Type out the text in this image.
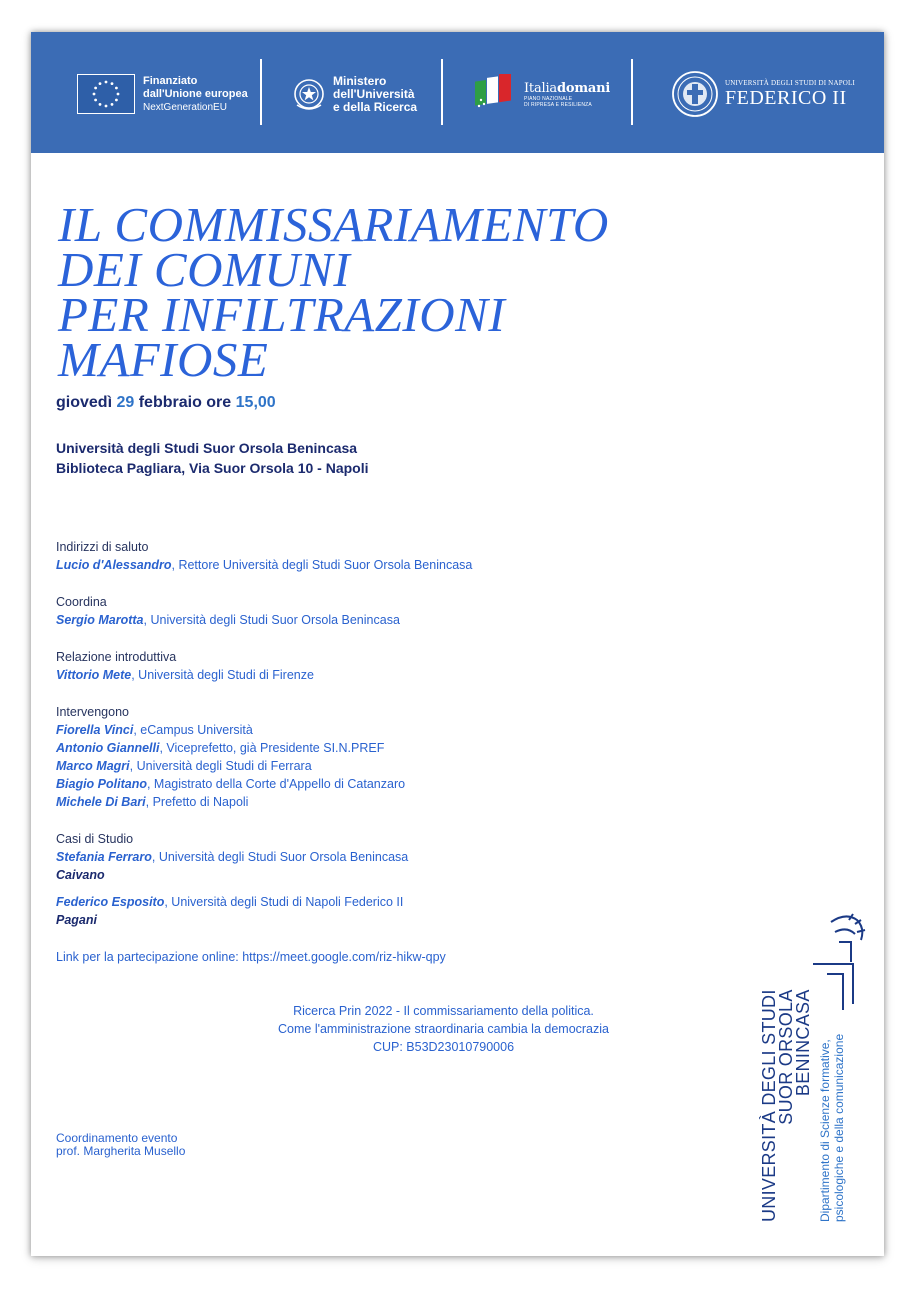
Finanziato
dall'Unione europea
NextGenerationEU
Ministero
dell'Università
e della Ricerca
Italiadomani
PIANO NAZIONALE
DI RIPRESA E RESILIENZA
UNIVERSITÀ DEGLI STUDI DI NAPOLI
FEDERICO II
IL COMMISSARIAMENTO
DEI COMUNI
PER INFILTRAZIONI
MAFIOSE
giovedì 29 febbraio ore 15,00
Università degli Studi Suor Orsola Benincasa
Biblioteca Pagliara, Via Suor Orsola 10 - Napoli
Indirizzi di saluto
Lucio d'Alessandro, Rettore Università degli Studi Suor Orsola Benincasa
Coordina
Sergio Marotta, Università degli Studi Suor Orsola Benincasa
Relazione introduttiva
Vittorio Mete, Università degli Studi di Firenze
Intervengono
Fiorella Vinci, eCampus Università
Antonio Giannelli, Viceprefetto, già Presidente SI.N.PREF
Marco Magri, Università degli Studi di Ferrara
Biagio Politano, Magistrato della Corte d'Appello di Catanzaro
Michele Di Bari, Prefetto di Napoli
Casi di Studio
Stefania Ferraro, Università degli Studi Suor Orsola Benincasa
Caivano
Federico Esposito, Università degli Studi di Napoli Federico II
Pagani
Link per la partecipazione online: https://meet.google.com/riz-hikw-qpy
Ricerca Prin 2022 - Il commissariamento della politica.
Come l'amministrazione straordinaria cambia la democrazia
CUP: B53D23010790006
Coordinamento evento
prof. Margherita Musello	UNIVERSITÀ DEGLI STUDI
SUOR ORSOLA
BENINCASA Dipartimento di Scienze formative, psicologiche e della comunicazione
